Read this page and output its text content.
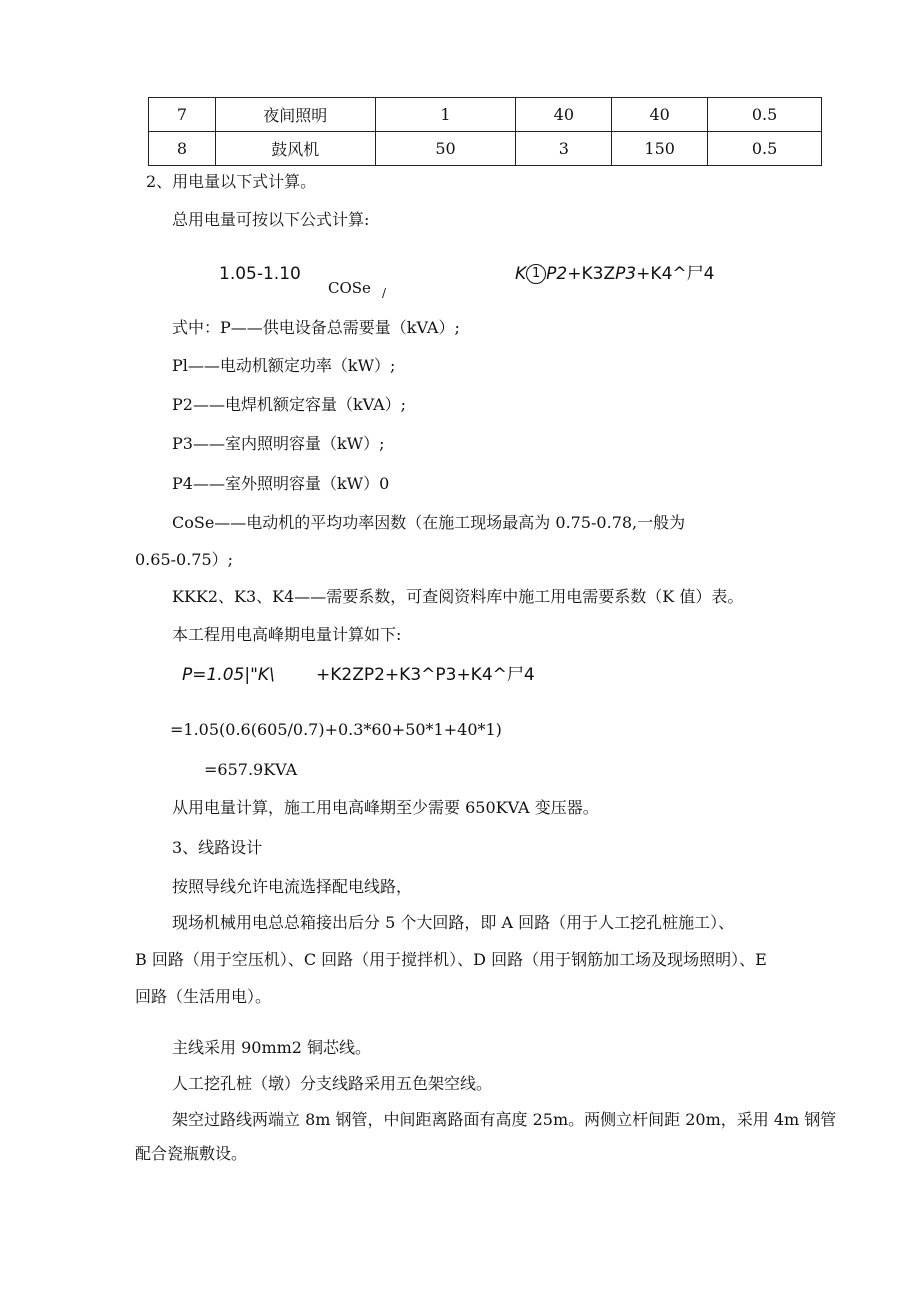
7	夜间照明	1	40	40	0.5
8	鼓风机	50	3	150	0.5
2、用电量以下式计算。
总用电量可按以下公式计算:
1.05-1.10
COSe /
K 1 P2+K3ZP3+K4^尸4
式中：P——供电设备总需要量（kVA）;
Pl——电动机额定功率（kW）;
P2——电焊机额定容量（kVA）;
P3——室内照明容量（kW）;
P4——室外照明容量（kW）0
CoSe——电动机的平均功率因数（在施工现场最高为 0.75-0.78,一般为
0.65-0.75）;
KKK2、K3、K4——需要系数，可查阅资料库中施工用电需要系数（K 值）表。
本工程用电高峰期电量计算如下:
P=1.05|"K\ +K2ZP2+K3^P3+K4^尸4
=1.05(0.6(605/0.7)+0.3*60+50*1+40*1)
=657.9KVA
从用电量计算，施工用电高峰期至少需要 650KVA 变压器。
3、线路设计
按照导线允许电流选择配电线路，
现场机械用电总总箱接出后分 5 个大回路，即 A 回路（用于人工挖孔桩施工）、
B 回路（用于空压机）、C 回路（用于搅拌机）、D 回路（用于钢筋加工场及现场照明）、E
回路（生活用电）。
主线采用 90mm2 铜芯线。
人工挖孔桩（墩）分支线路采用五色架空线。
架空过路线两端立 8m 钢管，中间距离路面有高度 25m。两侧立杆间距 20m，采用 4m 钢管
配合瓷瓶敷设。
